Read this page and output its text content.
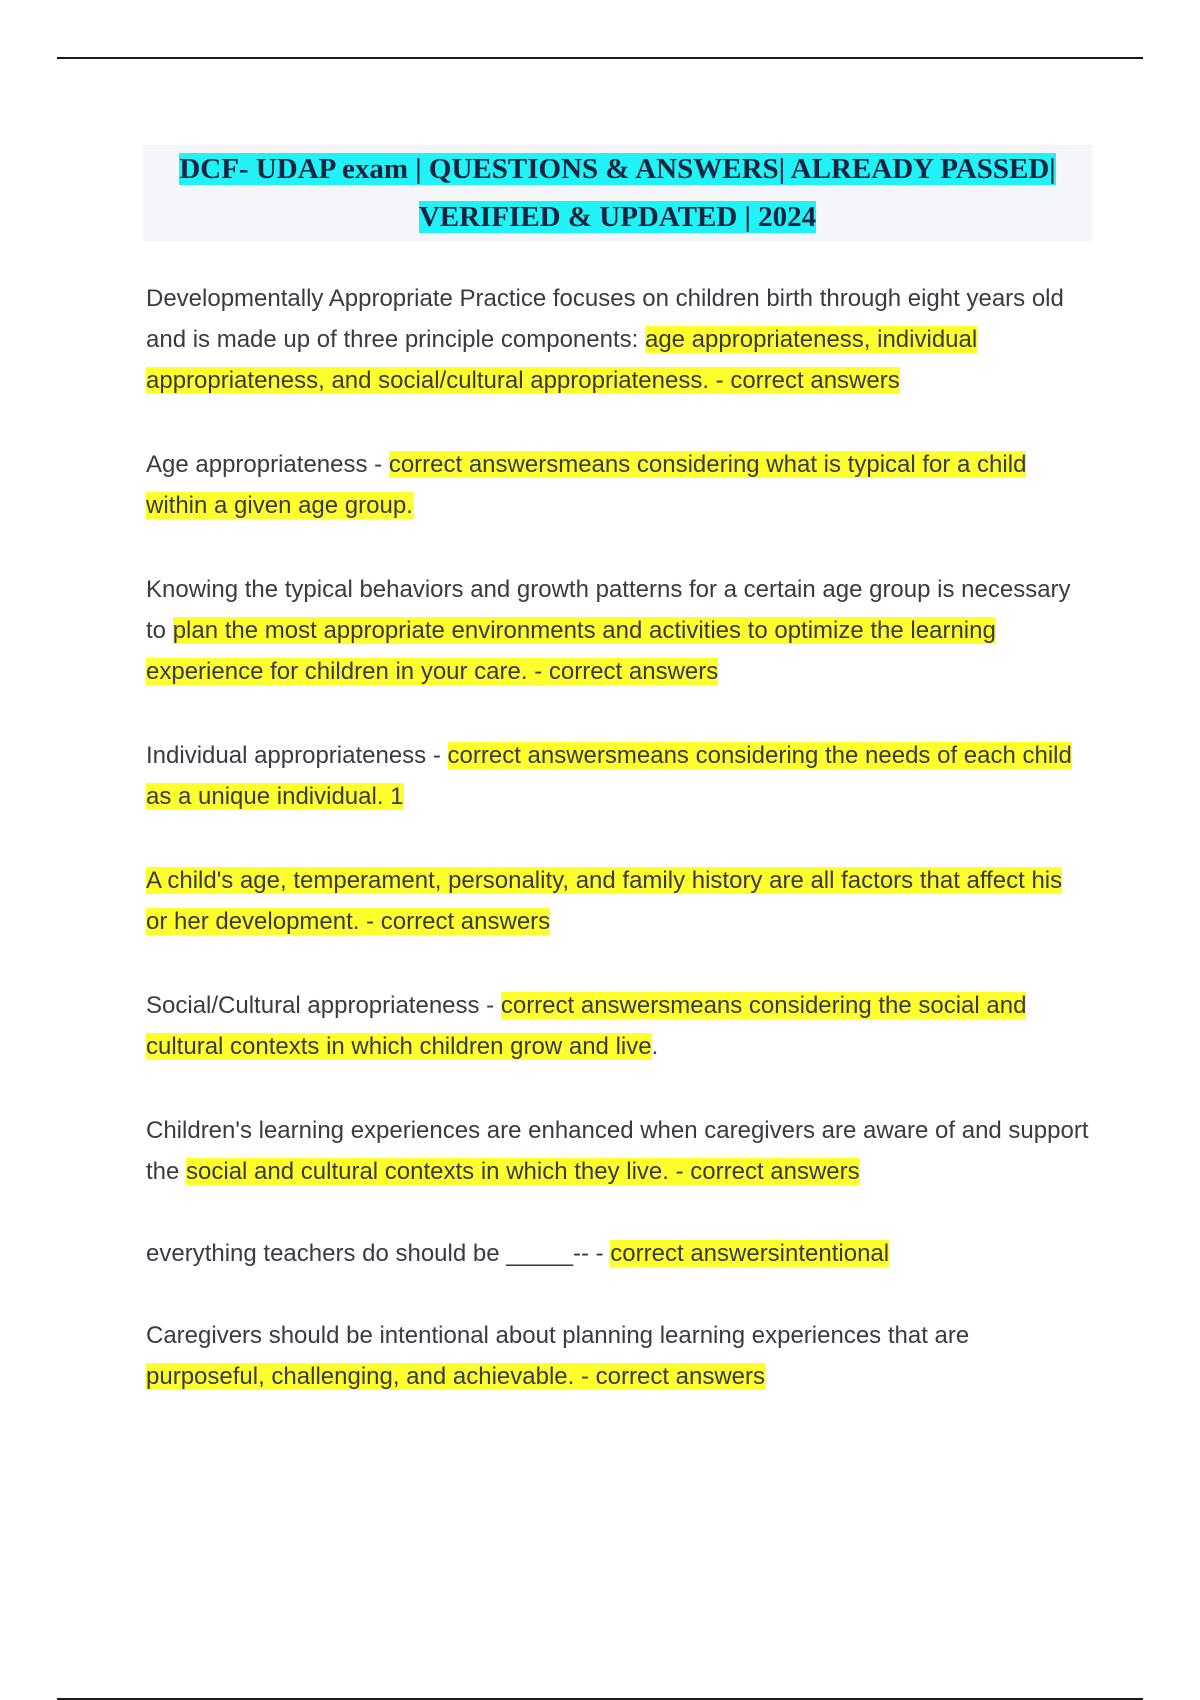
DCF- UDAP exam | QUESTIONS & ANSWERS| ALREADY PASSED|

VERIFIED & UPDATED | 2024

Developmentally Appropriate Practice focuses on children birth through eight years old and is made up of three principle components: age appropriateness, individual appropriateness, and social/cultural appropriateness. - correct answers

Age appropriateness - correct answersmeans considering what is typical for a child within a given age group.

Knowing the typical behaviors and growth patterns for a certain age group is necessary to plan the most appropriate environments and activities to optimize the learning experience for children in your care. - correct answers

Individual appropriateness - correct answersmeans considering the needs of each child as a unique individual. 1

A child's age, temperament, personality, and family history are all factors that affect his or her development. - correct answers

Social/Cultural appropriateness - correct answersmeans considering the social and cultural contexts in which children grow and live.

Children's learning experiences are enhanced when caregivers are aware of and support the social and cultural contexts in which they live. - correct answers

everything teachers do should be _____-- - correct answersintentional

Caregivers should be intentional about planning learning experiences that are purposeful, challenging, and achievable. - correct answers
